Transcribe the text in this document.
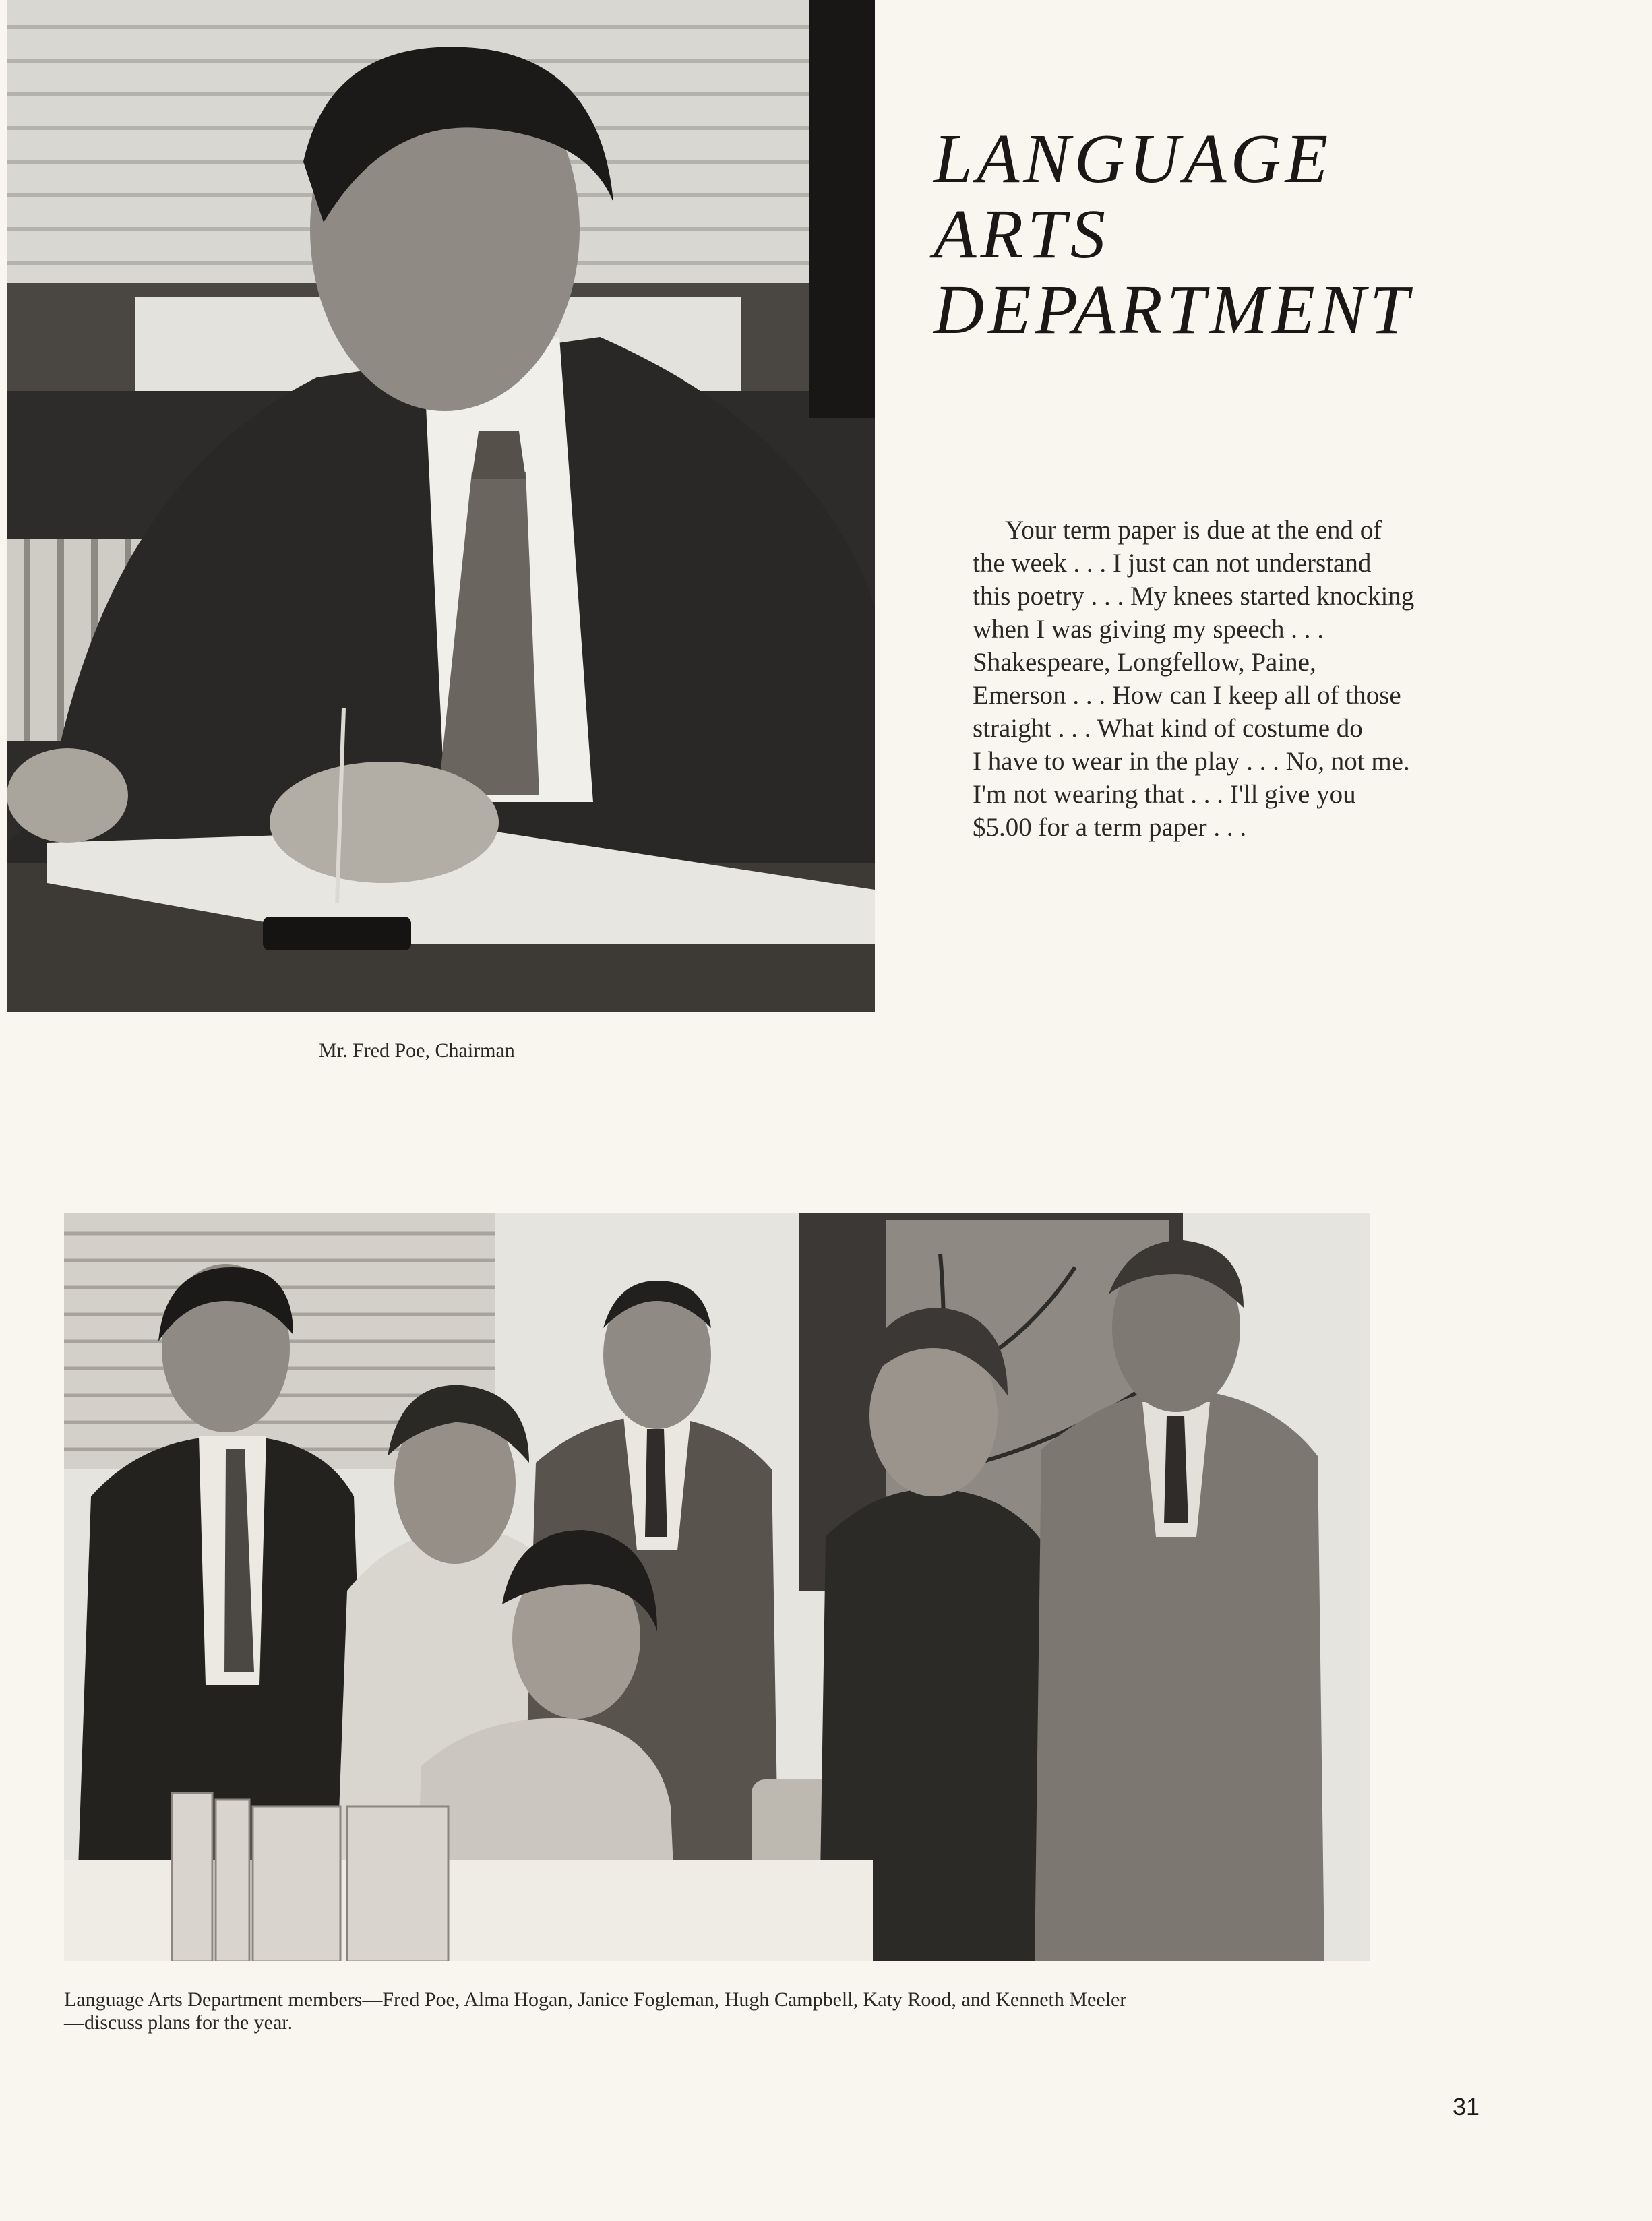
LANGUAGE
ARTS
DEPARTMENT
Your term paper is due at the end of
the week . . . I just can not understand
this poetry . . . My knees started knocking
when I was giving my speech . . .
Shakespeare, Longfellow, Paine,
Emerson . . . How can I keep all of those
straight . . . What kind of costume do
I have to wear in the play . . . No, not me.
I'm not wearing that . . . I'll give you
$5.00 for a term paper . . .
Mr. Fred Poe, Chairman
Language Arts Department members—Fred Poe, Alma Hogan, Janice Fogleman, Hugh Campbell, Katy Rood, and Kenneth Meeler
—discuss plans for the year.
31
